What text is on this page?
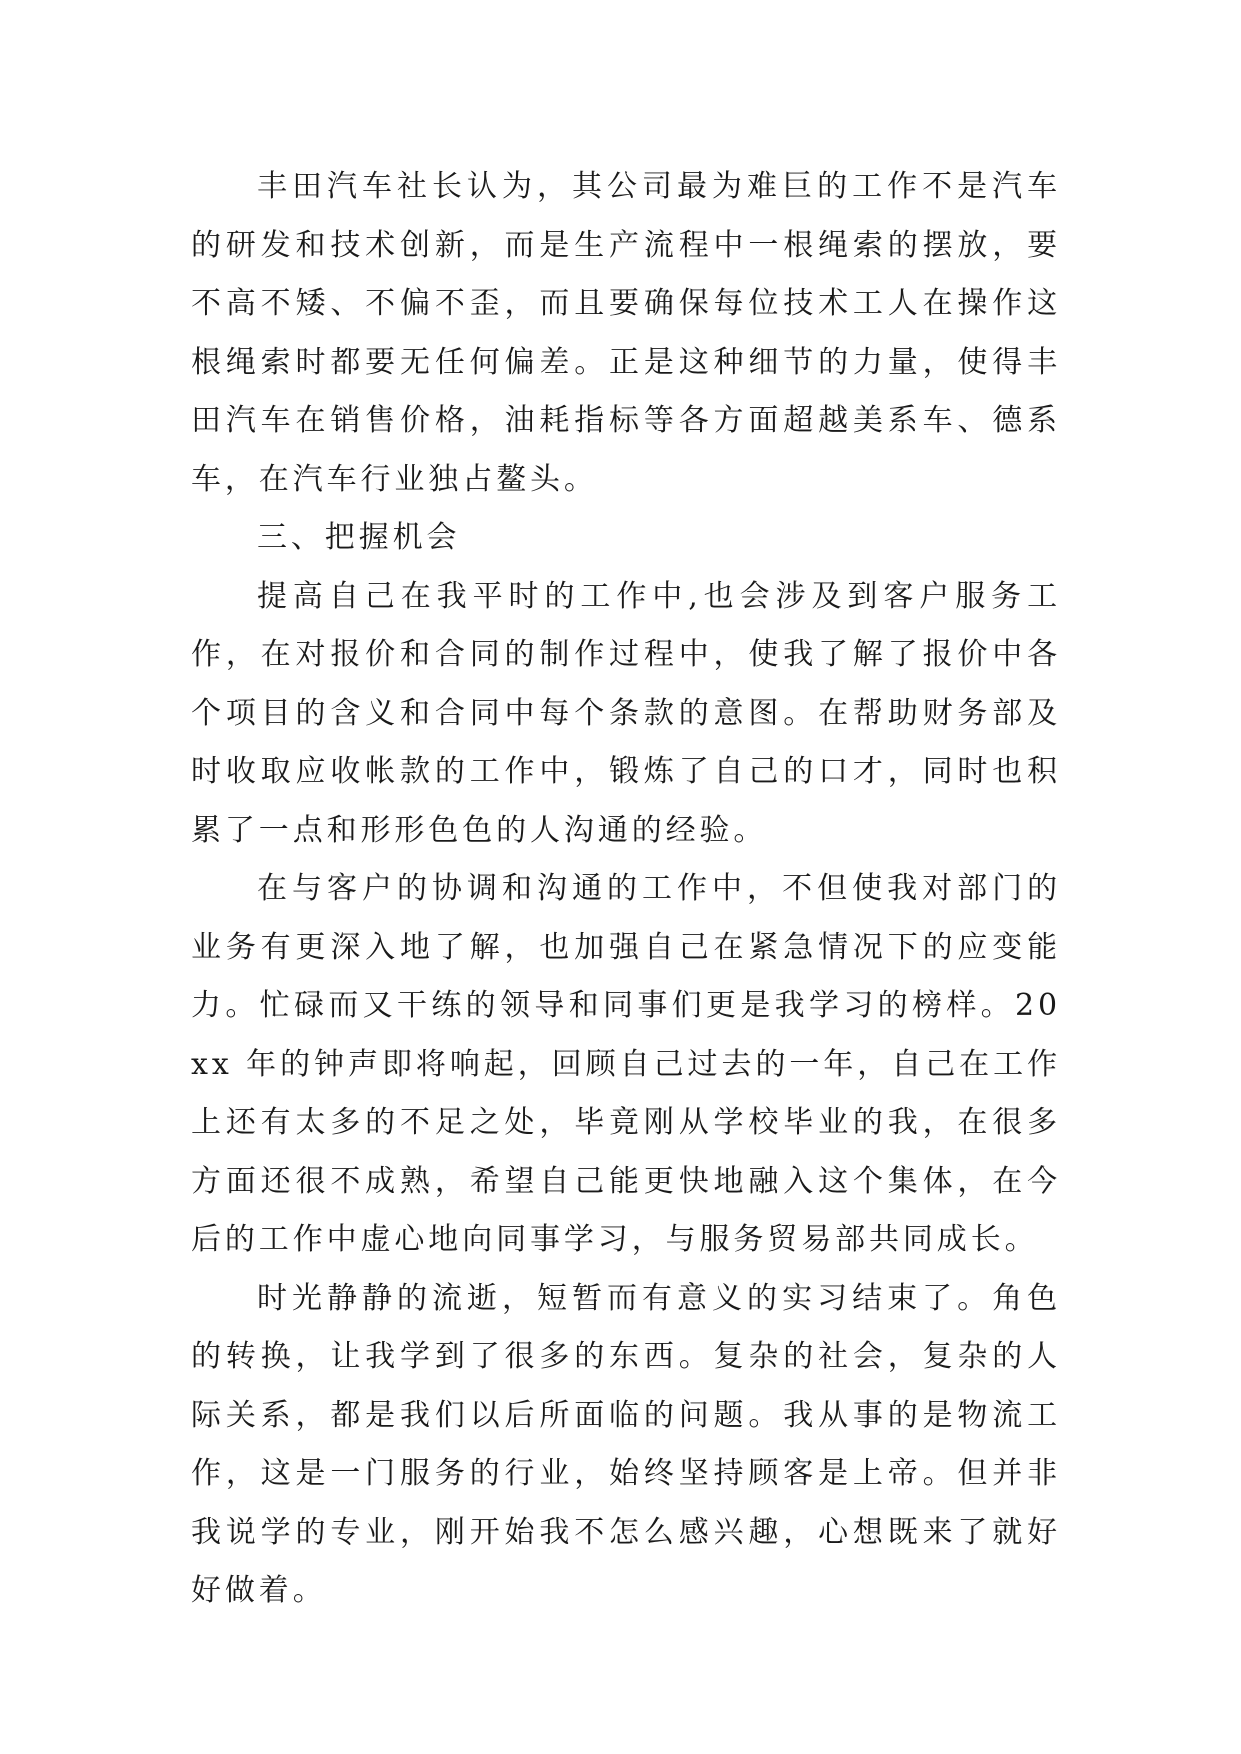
丰田汽车社长认为，其公司最为难巨的工作不是汽车的研发和技术创新，而是生产流程中一根绳索的摆放，要不高不矮、不偏不歪，而且要确保每位技术工人在操作这根绳索时都要无任何偏差。正是这种细节的力量，使得丰田汽车在销售价格，油耗指标等各方面超越美系车、德系车，在汽车行业独占鳌头。

三、把握机会

提高自己在我平时的工作中,也会涉及到客户服务工作，在对报价和合同的制作过程中，使我了解了报价中各个项目的含义和合同中每个条款的意图。在帮助财务部及时收取应收帐款的工作中，锻炼了自己的口才，同时也积累了一点和形形色色的人沟通的经验。

在与客户的协调和沟通的工作中，不但使我对部门的业务有更深入地了解，也加强自己在紧急情况下的应变能力。忙碌而又干练的领导和同事们更是我学习的榜样。20xx 年的钟声即将响起，回顾自己过去的一年，自己在工作上还有太多的不足之处，毕竟刚从学校毕业的我，在很多方面还很不成熟，希望自己能更快地融入这个集体，在今后的工作中虚心地向同事学习，与服务贸易部共同成长。

时光静静的流逝，短暂而有意义的实习结束了。角色的转换，让我学到了很多的东西。复杂的社会，复杂的人际关系，都是我们以后所面临的问题。我从事的是物流工作，这是一门服务的行业，始终坚持顾客是上帝。但并非我说学的专业，刚开始我不怎么感兴趣，心想既来了就好好做着。
